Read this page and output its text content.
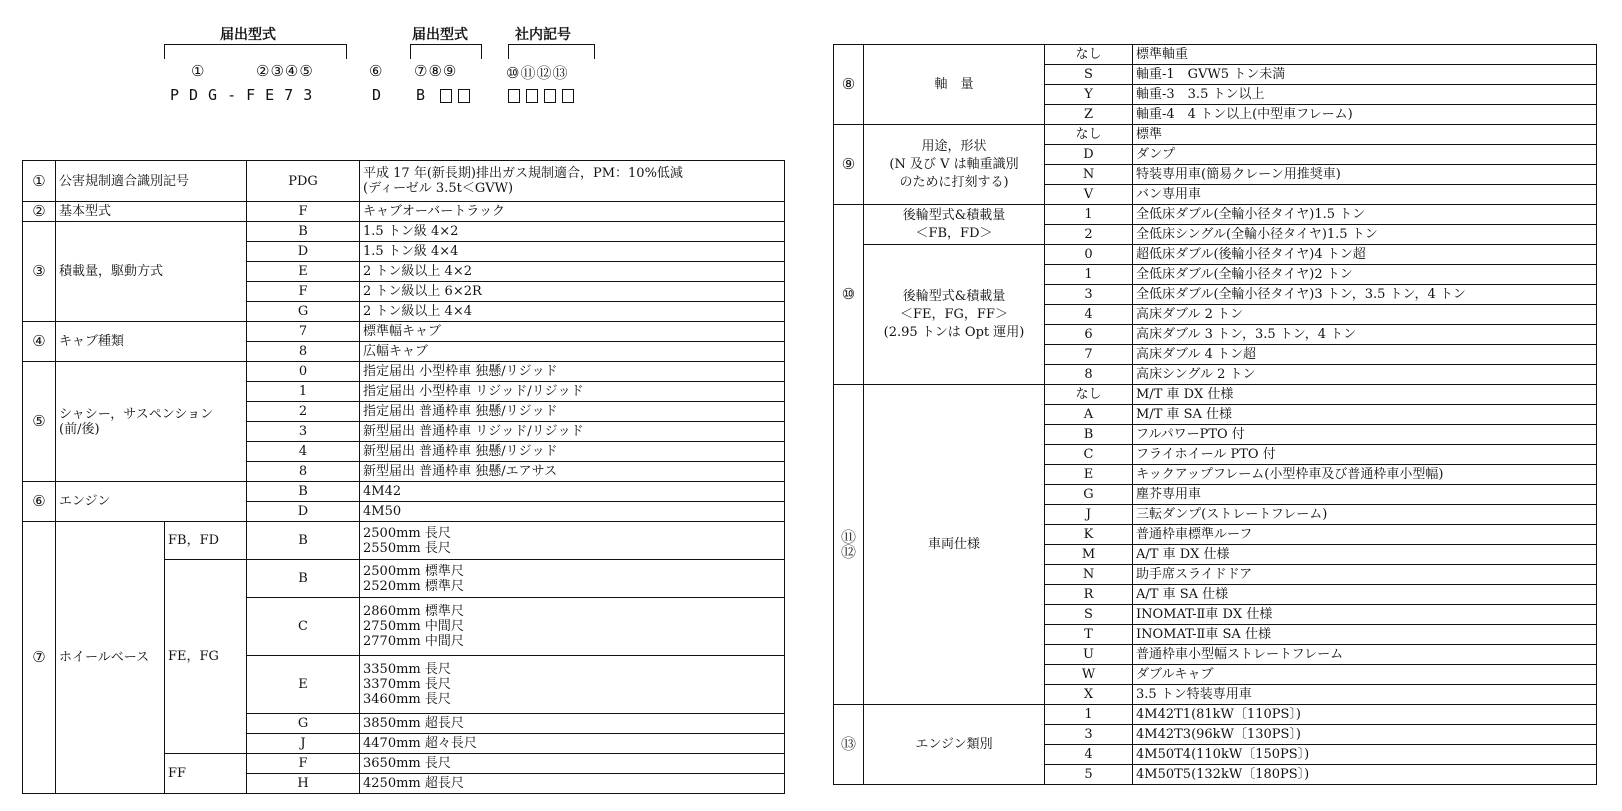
届出型式	届出型式	社内記号
①	②③④⑤	⑥ ⑦⑧⑨	⑩⑪⑫⑬
PDG-FE73	D B
①	公害規制適合識別記号		PDG	平成 17 年(新長期)排出ガス規制適合，PM：10%低減
(ディーゼル 3.5t＜GVW)

②	基本型式		F	キャブオーバートラック
③	積載量，駆動方式		B	1.5 トン級 4×2
			D	1.5 トン級 4×4
			E	2 トン級以上 4×2
			F	2 トン級以上 6×2R
			G	2 トン級以上 4×4
④	キャブ種類		7	標準幅キャブ
			8	広幅キャブ
⑤	シャシー，サスペンション
(前/後)		0	指定届出 小型枠車 独懸/リジッド
			1	指定届出 小型枠車 リジッド/リジッド
			2	指定届出 普通枠車 独懸/リジッド
			3	新型届出 普通枠車 リジッド/リジッド
			4	新型届出 普通枠車 独懸/リジッド
			8	新型届出 普通枠車 独懸/エアサス
⑥	エンジン		B	4M42
			D	4M50
⑦	ホイールベース	FB，FD	B	2500mm 長尺
2550mm 長尺

		FE，FG	B	2500mm 標準尺
2520mm 標準尺

			C	2860mm 標準尺
2750mm 中間尺
2770mm 中間尺

			E	3350mm 長尺
3370mm 長尺
3460mm 長尺

			G	3850mm 超長尺
			J	4470mm 超々長尺
		FF	F	3650mm 長尺
			H	4250mm 超長尺
⑧	軸　量	なし	標準軸重
		S	軸重-1　GVW5 トン未満
		Y	軸重-3　3.5 トン以上
		Z	軸重-4　4 トン以上(中型車フレーム)
⑨	用途，形状
(N 及び V は軸重識別
のために打刻する)	なし	標準
		D	ダンプ
		N	特装専用車(簡易クレーン用推奨車)
		V	バン専用車
⑩	後輪型式&積載量
＜FB，FD＞	1	全低床ダブル(全輪小径タイヤ)1.5 トン
		2	全低床シングル(全輪小径タイヤ)1.5 トン

	後輪型式&積載量
＜FE，FG，FF＞
(2.95 トンは Opt 運用)	0	超低床ダブル(後輪小径タイヤ)4 トン超
		1	全低床ダブル(全輪小径タイヤ)2 トン
		3	全低床ダブル(全輪小径タイヤ)3 トン，3.5 トン，4 トン
		4	高床ダブル 2 トン
		6	高床ダブル 3 トン，3.5 トン，4 トン
		7	高床ダブル 4 トン超
		8	高床シングル 2 トン

⑪
⑫	車両仕様	なし	M/T 車 DX 仕様
		A	M/T 車 SA 仕様
		B	フルパワーPTO 付
		C	フライホイール PTO 付
		E	キックアップフレーム(小型枠車及び普通枠車小型幅)
		G	塵芥専用車
		J	三転ダンプ(ストレートフレーム)
		K	普通枠車標準ルーフ
		M	A/T 車 DX 仕様
		N	助手席スライドドア
		R	A/T 車 SA 仕様
		S	INOMAT-Ⅱ車 DX 仕様
		T	INOMAT-Ⅱ車 SA 仕様
		U	普通枠車小型幅ストレートフレーム
		W	ダブルキャブ
		X	3.5 トン特装専用車
⑬	エンジン類別	1	4M42T1(81kW〔110PS〕)
		3	4M42T3(96kW〔130PS〕)
		4	4M50T4(110kW〔150PS〕)
		5	4M50T5(132kW〔180PS〕)
